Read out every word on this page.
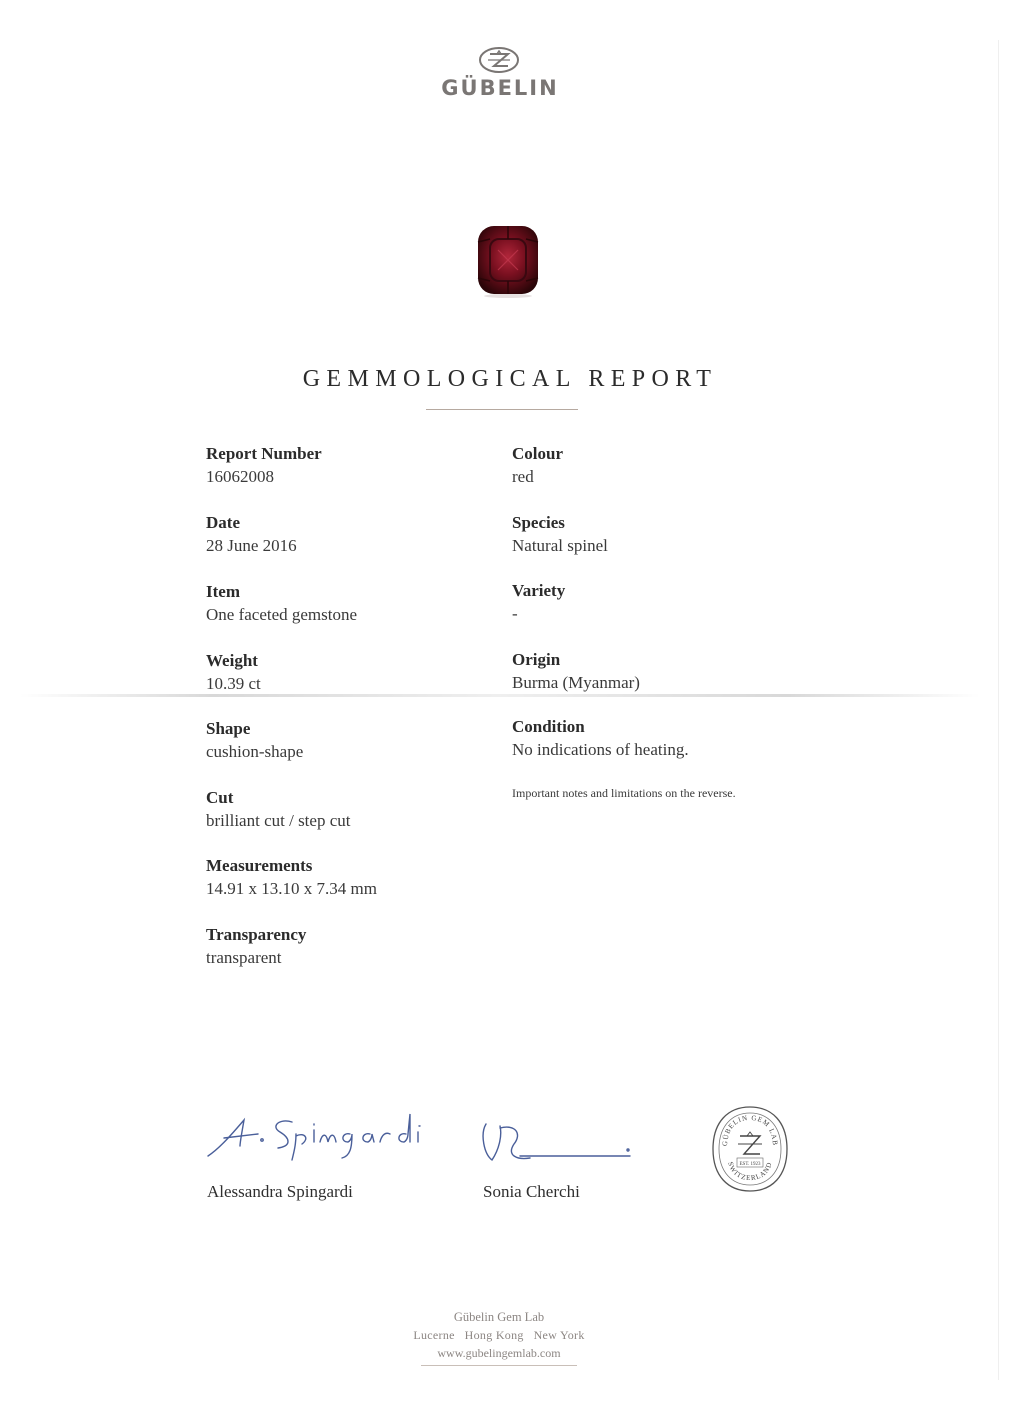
GÜBELIN
GEMMOLOGICAL REPORT
Report Number
16062008
Date
28 June 2016
Item
One faceted gemstone
Weight
10.39 ct
Shape
cushion-shape
Cut
brilliant cut / step cut
Measurements
14.91 x 13.10 x 7.34 mm
Transparency
transparent
Colour
red
Species
Natural spinel
Variety
-
Origin
Burma (Myanmar)
Condition
No indications of heating.
Important notes and limitations on the reverse.
Alessandra Spingardi	Sonia Cherchi
GÜBELIN GEM LAB
SWITZERLAND
EST. 1923
Gübelin Gem Lab
Lucerne   Hong Kong   New York
www.gubelingemlab.com
